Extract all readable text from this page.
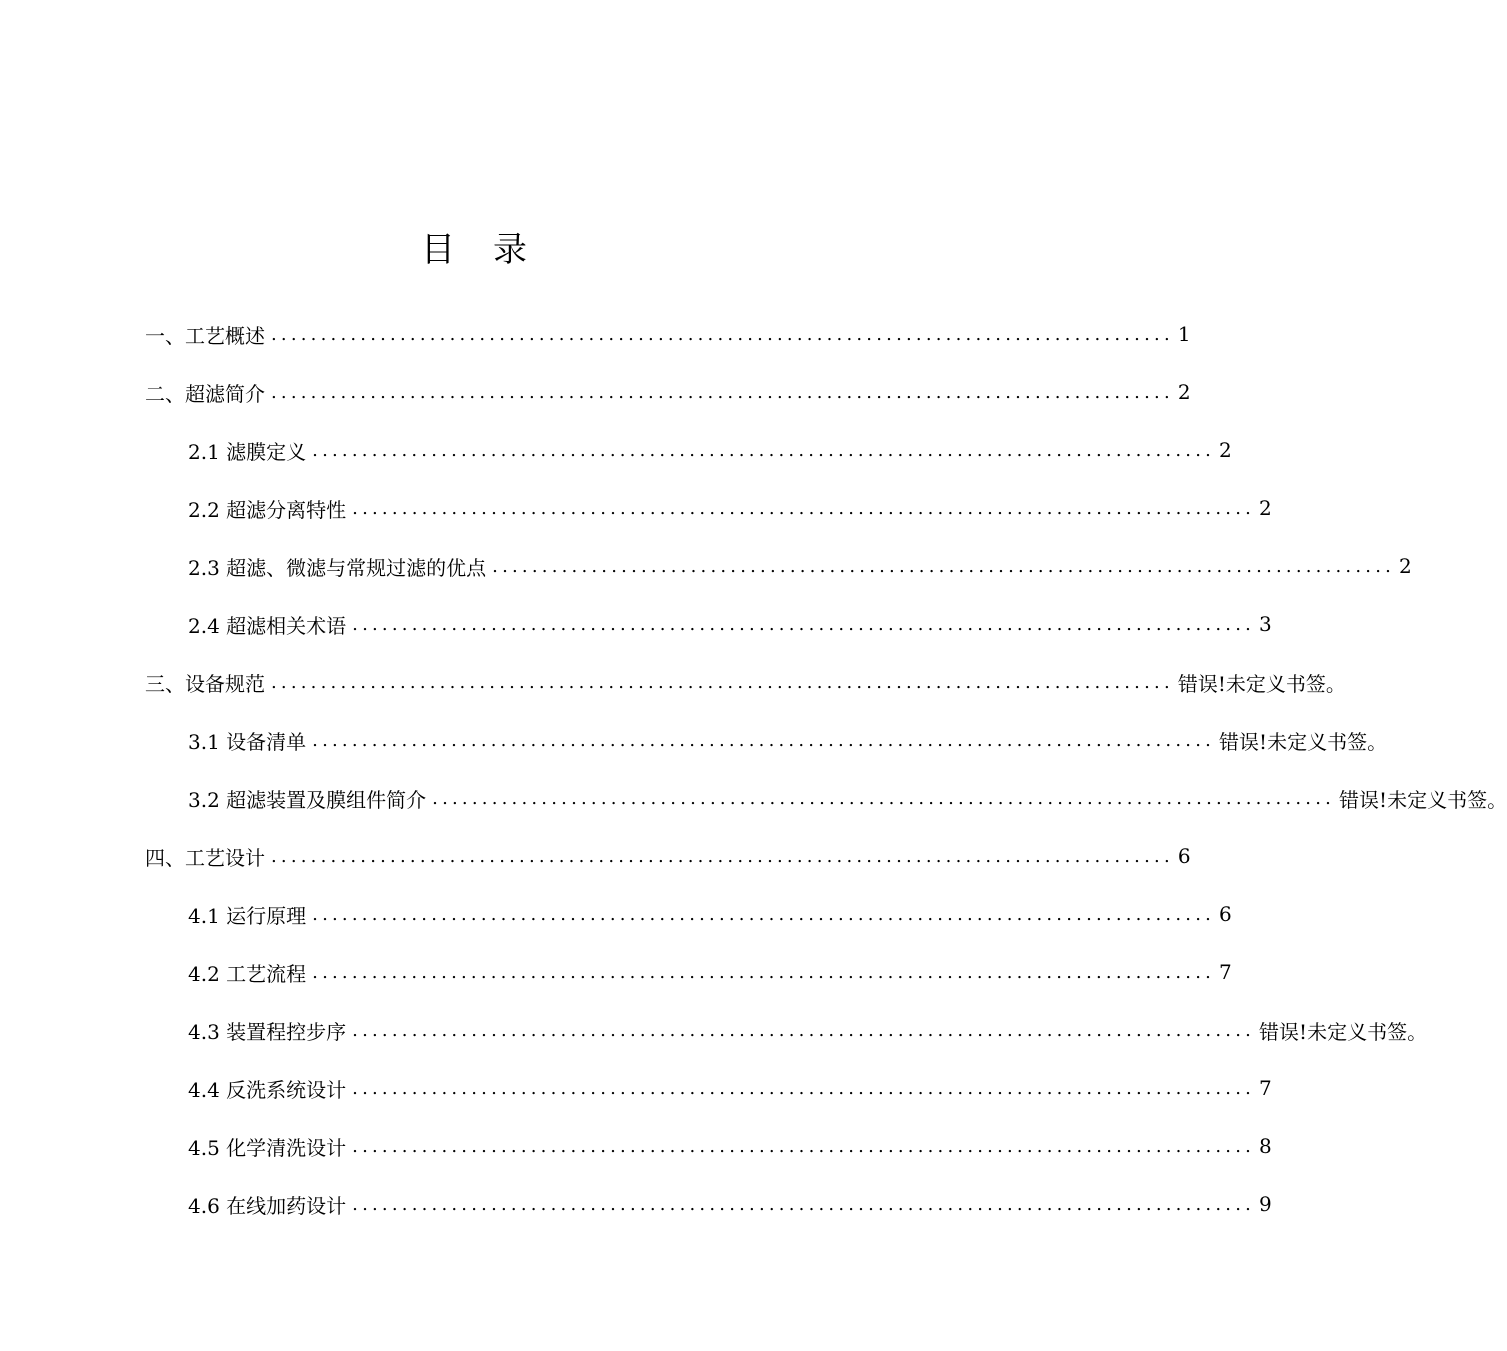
目　录
一、工艺概述 ........................................................................................... 1
二、超滤简介 ........................................................................................... 2
2.1 滤膜定义 ........................................................................................... 2
2.2 超滤分离特性 ........................................................................................... 2
2.3 超滤、微滤与常规过滤的优点 ........................................................................................... 2
2.4 超滤相关术语 ........................................................................................... 3
三、设备规范 ........................................................................................... 错误!未定义书签。
3.1 设备清单 ........................................................................................... 错误!未定义书签。
3.2 超滤装置及膜组件简介 ........................................................................................... 错误!未定义书签。
四、工艺设计 ........................................................................................... 6
4.1 运行原理 ........................................................................................... 6
4.2 工艺流程 ........................................................................................... 7
4.3 装置程控步序 ........................................................................................... 错误!未定义书签。
4.4 反洗系统设计 ........................................................................................... 7
4.5 化学清洗设计 ........................................................................................... 8
4.6 在线加药设计 ........................................................................................... 9
